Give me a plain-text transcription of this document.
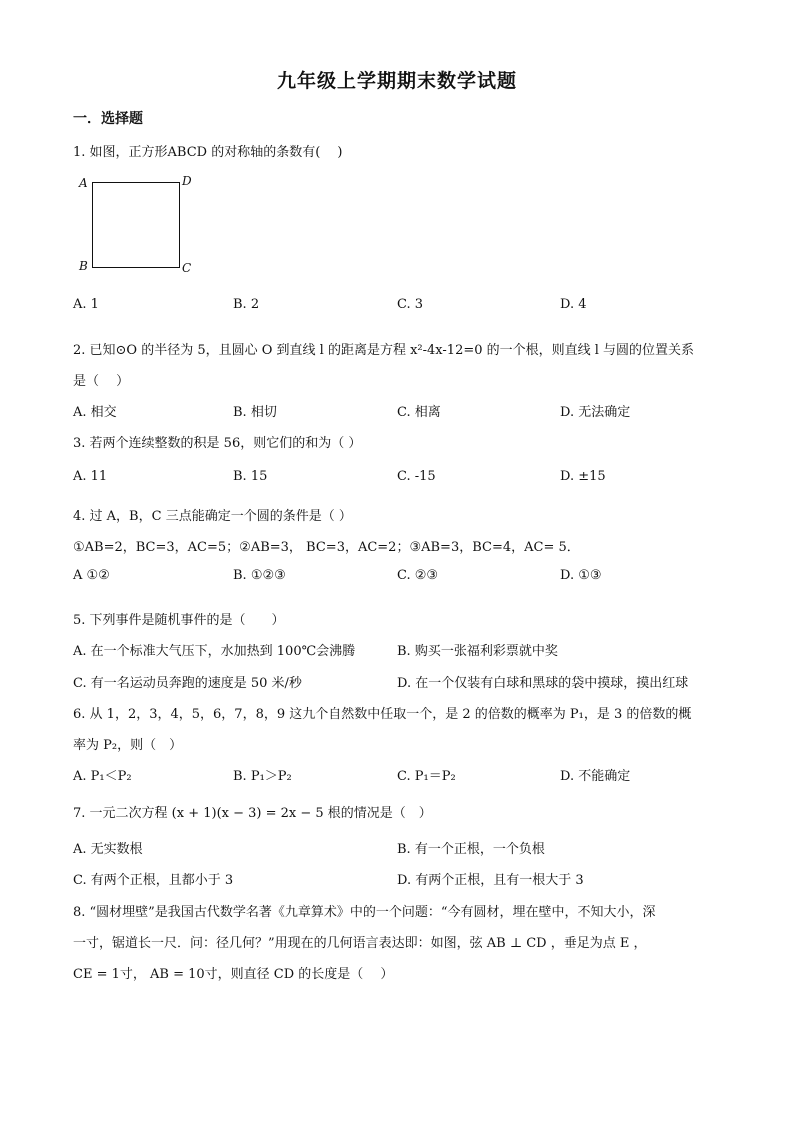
九年级上学期期末数学试题
一．选择题
1. 如图，正方形ABCD 的对称轴的条数有(　 )
A	D
B	C
A. 1	B. 2	C. 3	D. 4
2. 已知⊙O 的半径为 5，且圆心 O 到直线 l 的距离是方程 x²-4x-12=0 的一个根，则直线 l 与圆的位置关系
是（　 ）
A. 相交	B. 相切	C. 相离	D. 无法确定
3. 若两个连续整数的积是 56，则它们的和为（ ）
A. 11	B. 15	C. -15	D. ±15
4. 过 A，B，C 三点能确定一个圆的条件是（ ）
①AB=2，BC=3，AC=5；②AB=3， BC=3，AC=2；③AB=3，BC=4，AC= 5．
A ①②	B. ①②③	C. ②③	D. ①③
5. 下列事件是随机事件的是（　　）
A. 在一个标准大气压下，水加热到 100℃会沸腾	B. 购买一张福利彩票就中奖
C. 有一名运动员奔跑的速度是 50 米/秒	D. 在一个仅装有白球和黑球的袋中摸球，摸出红球
6. 从 1，2，3，4，5，6，7，8，9 这九个自然数中任取一个，是 2 的倍数的概率为 P₁，是 3 的倍数的概
率为 P₂，则（　）
A. P₁＜P₂	B. P₁＞P₂	C. P₁＝P₂	D. 不能确定
7. 一元二次方程 (x + 1)(x − 3) = 2x − 5 根的情况是（　）
A. 无实数根	B. 有一个正根，一个负根
C. 有两个正根，且都小于 3	D. 有两个正根，且有一根大于 3
8. “圆材埋壁”是我国古代数学名著《九章算术》中的一个问题：“今有圆材，埋在壁中，不知大小，深
一寸，锯道长一尺．问：径几何？”用现在的几何语言表达即：如图，弦 AB ⊥ CD ，垂足为点 E ，
CE = 1寸， AB = 10寸，则直径 CD 的长度是（　 ）
